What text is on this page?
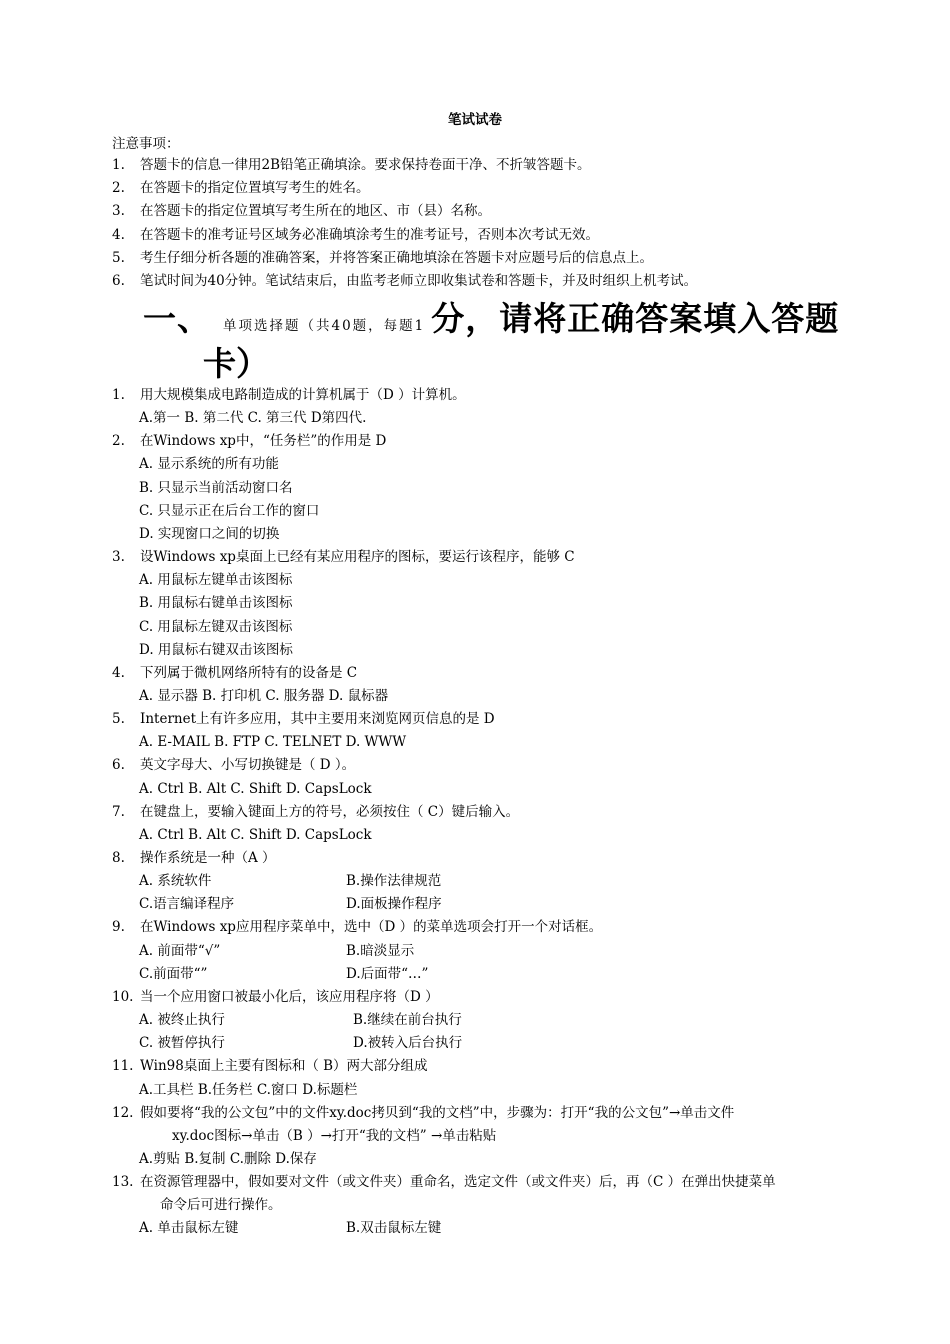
笔试试卷
注意事项：
1. 答题卡的信息一律用2B铅笔正确填涂。要求保持卷面干净、不折皱答题卡。
2. 在答题卡的指定位置填写考生的姓名。
3. 在答题卡的指定位置填写考生所在的地区、市（县）名称。
4. 在答题卡的准考证号区域务必准确填涂考生的准考证号，否则本次考试无效。
5. 考生仔细分析各题的准确答案，并将答案正确地填涂在答题卡对应题号后的信息点上。
6. 笔试时间为40分钟。笔试结束后，由监考老师立即收集试卷和答题卡，并及时组织上机考试。
一、 单项选择题（共40题，每题1 分，请将正确答案填入答题
卡）
1. 用大规模集成电路制造成的计算机属于（D ）计算机。
A.第一 B. 第二代 C. 第三代 D第四代.
2. 在Windows xp中，“任务栏”的作用是 D
A. 显示系统的所有功能
B. 只显示当前活动窗口名
C. 只显示正在后台工作的窗口
D. 实现窗口之间的切换
3. 设Windows xp桌面上已经有某应用程序的图标，要运行该程序，能够 C
A. 用鼠标左键单击该图标
B. 用鼠标右键单击该图标
C. 用鼠标左键双击该图标
D. 用鼠标右键双击该图标
4. 下列属于微机网络所特有的设备是 C
A. 显示器 B. 打印机 C. 服务器 D. 鼠标器
5. Internet上有许多应用，其中主要用来浏览网页信息的是 D
A. E-MAIL B. FTP C. TELNET D. WWW
6. 英文字母大、小写切换键是（ D ）。
A. Ctrl B. Alt C. Shift D. CapsLock
7. 在键盘上，要输入键面上方的符号，必须按住（ C）键后输入。
A. Ctrl B. Alt C. Shift D. CapsLock
8. 操作系统是一种（A ）
A. 系统软件	B.操作法律规范
C.语言编译程序	D.面板操作程序
9. 在Windows xp应用程序菜单中，选中（D ）的菜单选项会打开一个对话框。
A. 前面带“√”	B.暗淡显示
C.前面带“”	D.后面带“…”
10. 当一个应用窗口被最小化后，该应用程序将（D ）
A. 被终止执行	B.继续在前台执行
C. 被暂停执行	D.被转入后台执行
11. Win98桌面上主要有图标和（ B）两大部分组成
A.工具栏 B.任务栏 C.窗口 D.标题栏
12. 假如要将“我的公文包”中的文件xy.doc拷贝到“我的文档”中，步骤为：打开“我的公文包”→单击文件
xy.doc图标→单击（B ）→打开“我的文档” →单击粘贴
A.剪贴 B.复制 C.删除 D.保存
13. 在资源管理器中，假如要对文件（或文件夹）重命名，选定文件（或文件夹）后，再（C ）在弹出快捷菜单
命令后可进行操作。
A. 单击鼠标左键	B.双击鼠标左键
